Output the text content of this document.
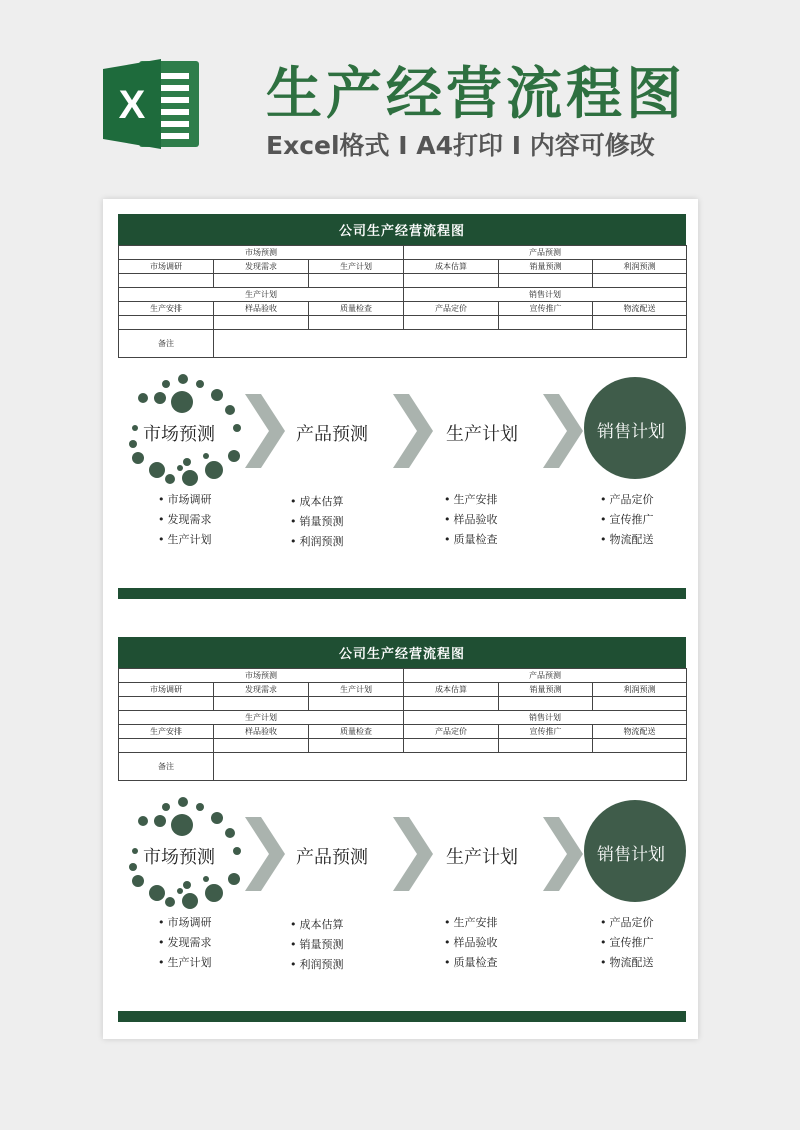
X 生产经营流程图
Excel格式 I A4打印 I 内容可修改
公司生产经营流程图
市场预测			产品预测		
市场调研	发现需求	生产计划	成本估算	销量预测	利润预测

生产计划			销售计划		
生产安排	样品验收	质量检查	产品定价	宣传推广	物流配送

备注					
市场预测	产品预测	生产计划	销售计划
• 市场调研
• 发现需求
• 生产计划
• 成本估算
• 销量预测
• 利润预测
• 生产安排
• 样品验收
• 质量检查
• 产品定价
• 宣传推广
• 物流配送
公司生产经营流程图
市场预测			产品预测		
市场调研	发现需求	生产计划	成本估算	销量预测	利润预测

生产计划			销售计划		
生产安排	样品验收	质量检查	产品定价	宣传推广	物流配送

备注					
市场预测	产品预测	生产计划	销售计划
• 市场调研
• 发现需求
• 生产计划
• 成本估算
• 销量预测
• 利润预测
• 生产安排
• 样品验收
• 质量检查
• 产品定价
• 宣传推广
• 物流配送
